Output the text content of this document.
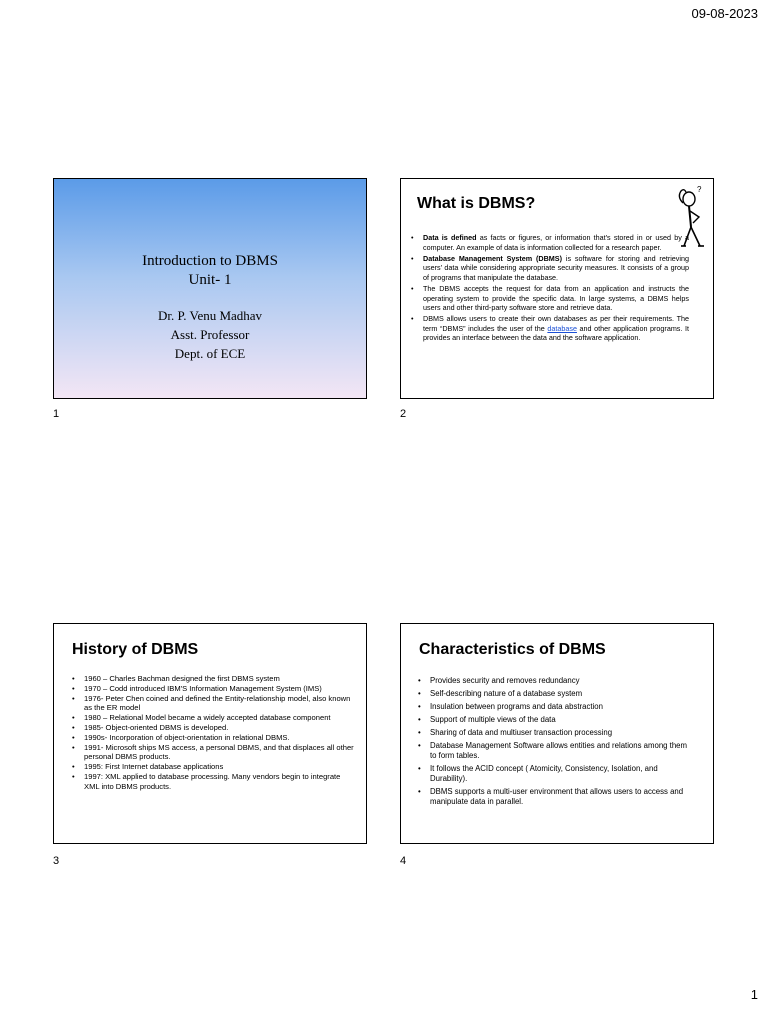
09-08-2023
1
Introduction to DBMS
Unit- 1
Dr. P. Venu Madhav
Asst. Professor
Dept. of ECE
1
What is DBMS?
?
• Data is defined as facts or figures, or information that's stored in or used by a computer. An example of data is information collected for a research paper.
• Database Management System (DBMS) is software for storing and retrieving users' data while considering appropriate security measures. It consists of a group of programs that manipulate the database.
• The DBMS accepts the request for data from an application and instructs the operating system to provide the specific data. In large systems, a DBMS helps users and other third-party software store and retrieve data.
• DBMS allows users to create their own databases as per their requirements. The term “DBMS” includes the user of the database and other application programs. It provides an interface between the data and the software application.
2
History of DBMS
• 1960 – Charles Bachman designed the first DBMS system
• 1970 – Codd introduced IBM'S Information Management System (IMS)
• 1976- Peter Chen coined and defined the Entity-relationship model, also known as the ER model
• 1980 – Relational Model became a widely accepted database component
• 1985- Object-oriented DBMS is developed.
• 1990s- Incorporation of object-orientation in relational DBMS.
• 1991- Microsoft ships MS access, a personal DBMS, and that displaces all other personal DBMS products.
• 1995: First Internet database applications
• 1997: XML applied to database processing. Many vendors begin to integrate XML into DBMS products.
3
Characteristics of DBMS
• Provides security and removes redundancy
• Self-describing nature of a database system
• Insulation between programs and data abstraction
• Support of multiple views of the data
• Sharing of data and multiuser transaction processing
• Database Management Software allows entities and relations among them to form tables.
• It follows the ACID concept ( Atomicity, Consistency, Isolation, and Durability).
• DBMS supports a multi-user environment that allows users to access and manipulate data in parallel.
4
